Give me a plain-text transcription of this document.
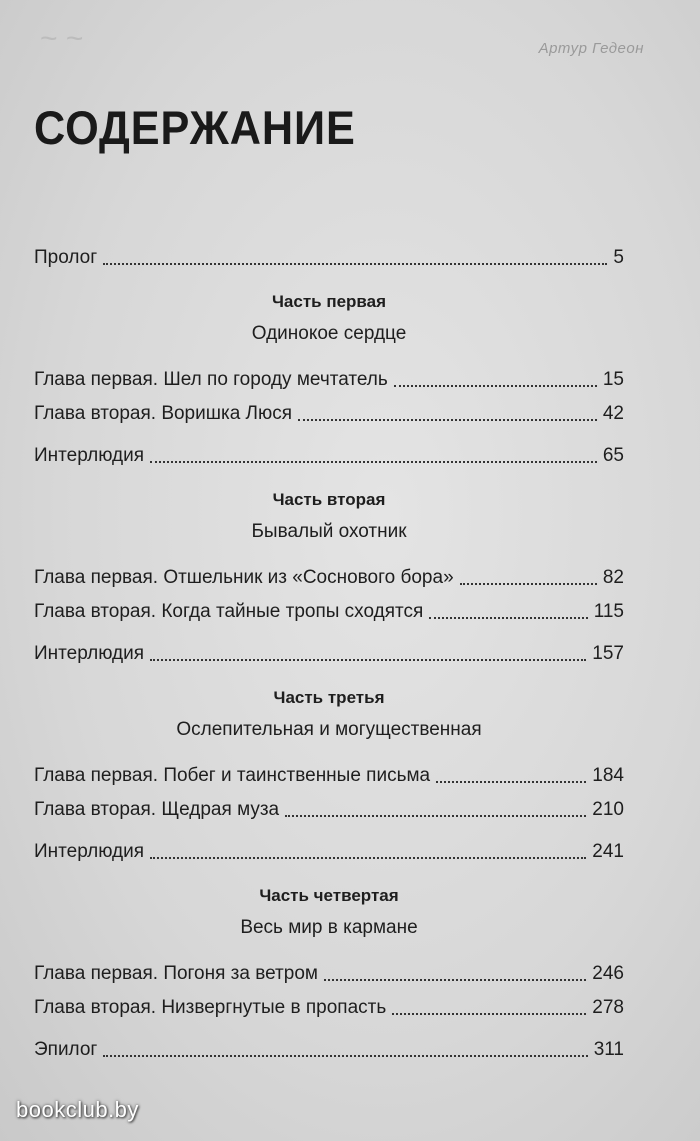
~ ~	Артур Гедеон
СОДЕРЖАНИЕ
Пролог	5
Часть первая
Одинокое сердце
Глава первая. Шел по городу мечтатель	15
Глава вторая. Воришка Люся	42
Интерлюдия	65
Часть вторая
Бывалый охотник
Глава первая. Отшельник из «Соснового бора»	82
Глава вторая. Когда тайные тропы сходятся	115
Интерлюдия	157
Часть третья
Ослепительная и могущественная
Глава первая. Побег и таинственные письма	184
Глава вторая. Щедрая муза	210
Интерлюдия	241
Часть четвертая
Весь мир в кармане
Глава первая. Погоня за ветром	246
Глава вторая. Низвергнутые в пропасть	278
Эпилог	311
bookclub.by
